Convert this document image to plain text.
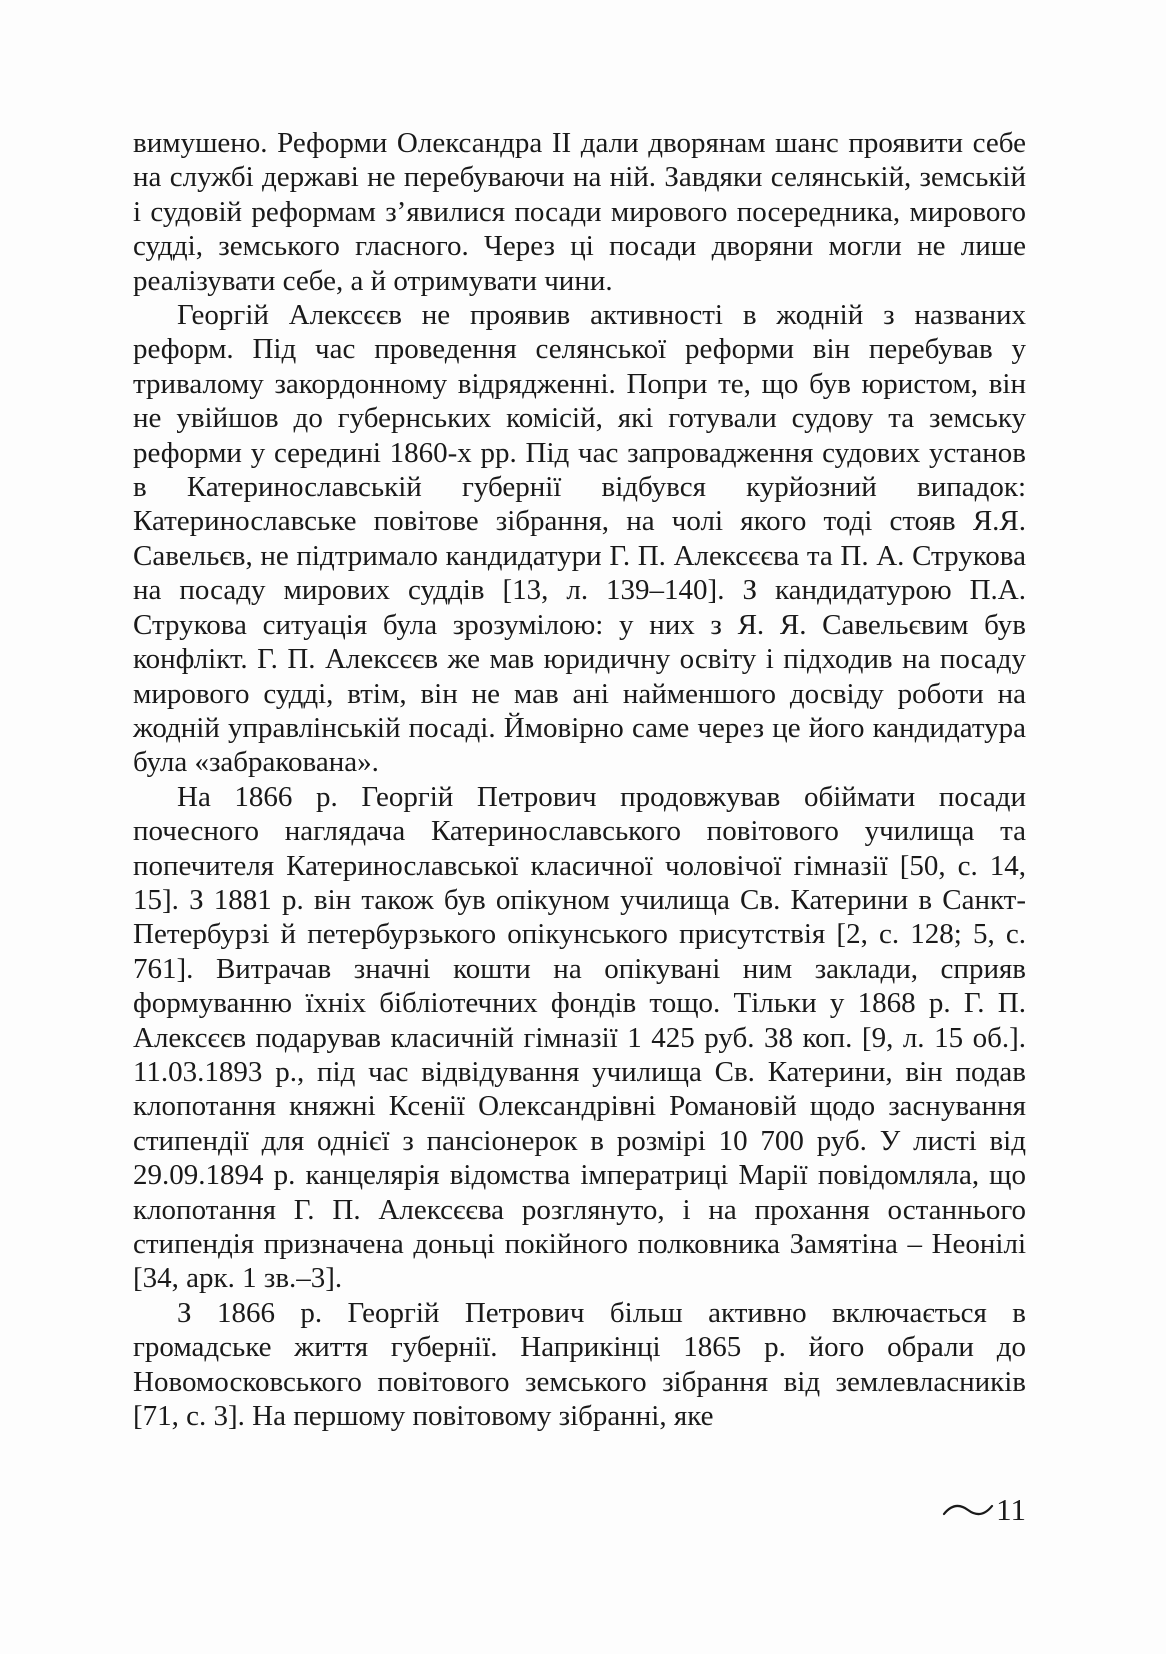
вимушено. Реформи Олександра ІІ дали дворянам шанс проявити себе на службі державі не перебуваючи на ній. Завдяки селянській, земській і судовій реформам з’явилися посади мирового посередника, мирового судді, земського гласного. Через ці посади дворяни могли не лише реалізувати себе, а й отримувати чини.

Георгій Алексєєв не проявив активності в жодній з названих реформ. Під час проведення селянської реформи він перебував у тривалому закордонному відрядженні. Попри те, що був юристом, він не увійшов до губернських комісій, які готували судову та земську реформи у середині 1860-х рр. Під час запровадження судових установ в Катеринославській губернії відбувся курйозний випадок: Катеринославське повітове зібрання, на чолі якого тоді стояв Я.Я. Савельєв, не підтримало кандидатури Г. П. Алексєєва та П. А. Струкова на посаду мирових суддів [13, л. 139–140]. З кандидатурою П.А. Струкова ситуація була зрозумілою: у них з Я. Я. Савельєвим був конфлікт. Г. П. Алексєєв же мав юридичну освіту і підходив на посаду мирового судді, втім, він не мав ані найменшого досвіду роботи на жодній управлінській посаді. Ймовірно саме через це його кандидатура була «забракована».

На 1866 р. Георгій Петрович продовжував обіймати посади почесного наглядача Катеринославського повітового училища та попечителя Катеринославської класичної чоловічої гімназії [50, с. 14, 15]. З 1881 р. він також був опікуном училища Св. Катерини в Санкт-Петербурзі й петербурзького опікунського присутствія [2, с. 128; 5, с. 761]. Витрачав значні кошти на опікувані ним заклади, сприяв формуванню їхніх бібліотечних фондів тощо. Тільки у 1868 р. Г. П. Алексєєв подарував класичній гімназії 1 425 руб. 38 коп. [9, л. 15 об.]. 11.03.1893 р., під час відвідування училища Св. Катерини, він подав клопотання княжні Ксенії Олександрівні Романовій щодо заснування стипендії для однієї з пансіонерок в розмірі 10 700 руб. У листі від 29.09.1894 р. канцелярія відомства імператриці Марії повідомляла, що клопотання Г. П. Алексєєва розглянуто, і на прохання останнього стипендія призначена доньці покійного полковника Замятіна – Неонілі [34, арк. 1 зв.–3].

З 1866 р. Георгій Петрович більш активно включається в громадське життя губернії. Наприкінці 1865 р. його обрали до Новомосковського повітового земського зібрання від землевласників [71, с. 3]. На першому повітовому зібранні, яке

11
